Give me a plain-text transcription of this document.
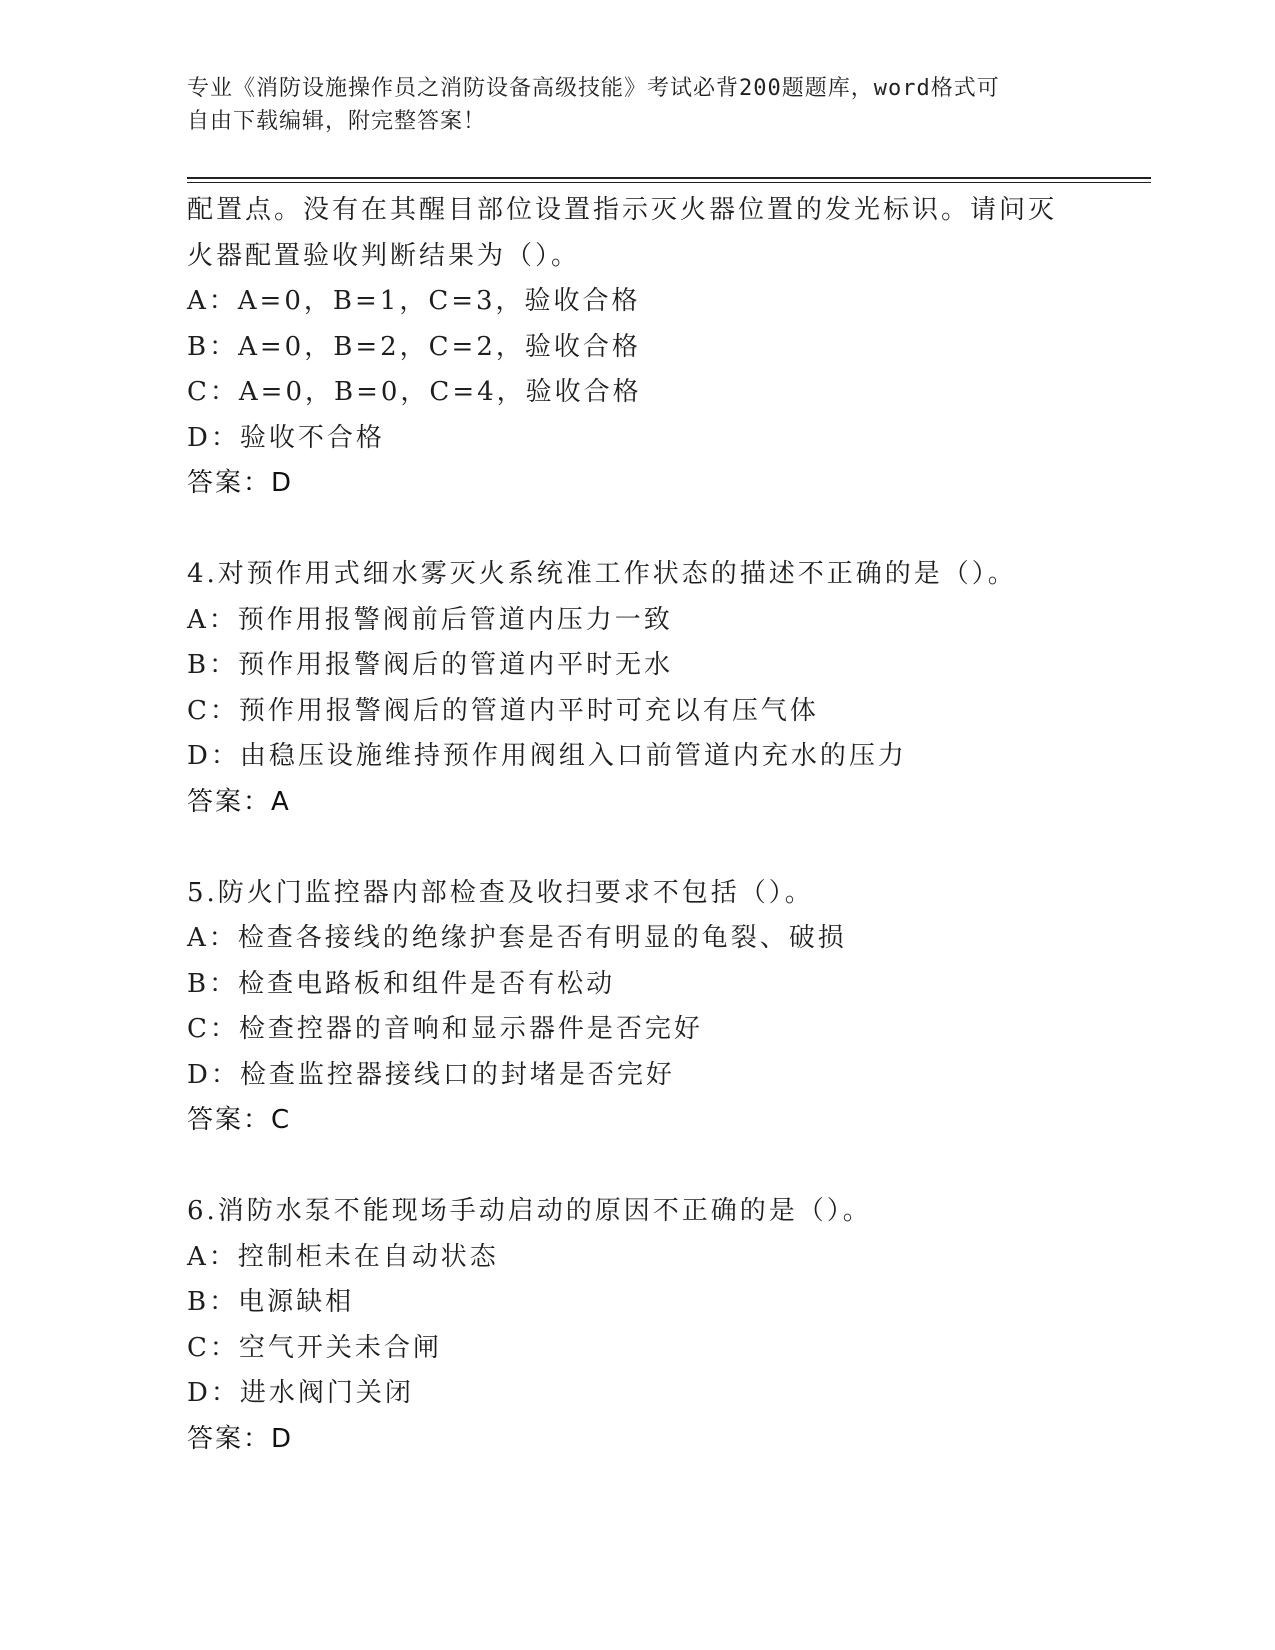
专业《消防设施操作员之消防设备高级技能》考试必背200题题库，word格式可
自由下载编辑，附完整答案！
配置点。没有在其醒目部位设置指示灭火器位置的发光标识。请问灭
火器配置验收判断结果为（）。
A：A=0，B=1，C=3，验收合格
B：A=0，B=2，C=2，验收合格
C：A=0，B=0，C=4，验收合格
D：验收不合格
答案：D
4.对预作用式细水雾灭火系统准工作状态的描述不正确的是（）。
A：预作用报警阀前后管道内压力一致
B：预作用报警阀后的管道内平时无水
C：预作用报警阀后的管道内平时可充以有压气体
D：由稳压设施维持预作用阀组入口前管道内充水的压力
答案：A
5.防火门监控器内部检查及收扫要求不包括（）。
A：检查各接线的绝缘护套是否有明显的龟裂、破损
B：检查电路板和组件是否有松动
C：检查控器的音响和显示器件是否完好
D：检查监控器接线口的封堵是否完好
答案：C
6.消防水泵不能现场手动启动的原因不正确的是（）。
A：控制柜未在自动状态
B：电源缺相
C：空气开关未合闸
D：进水阀门关闭
答案：D
